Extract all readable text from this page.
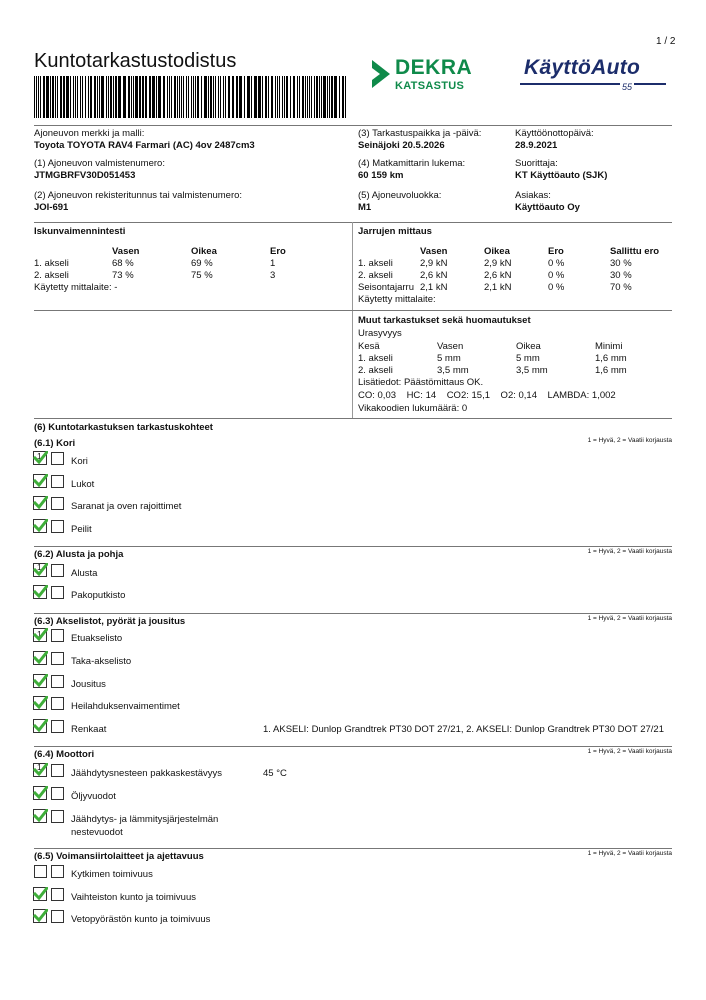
1 / 2
Kuntotarkastustodistus	DEKRA
KATSASTUS
KäyttöAuto
55
Ajoneuvon merkki ja malli:
Toyota TOYOTA RAV4 Farmari (AC) 4ov 2487cm3
(1) Ajoneuvon valmistenumero:
JTMGBRFV30D051453
(2) Ajoneuvon rekisteritunnus tai valmistenumero:
JOI-691
(3) Tarkastuspaikka ja -päivä:
Seinäjoki 20.5.2026
(4) Matkamittarin lukema:
60 159 km
(5) Ajoneuvoluokka:
M1
Käyttöönottopäivä:
28.9.2021
Suorittaja:
KT Käyttöauto (SJK)
Asiakas:
Käyttöauto Oy
Iskunvaimennintesti
	Vasen	Oikea	Ero
1. akseli	68 %	69 %	1
2. akseli	73 %	75 %	3
Käytetty mittalaite: -			
Jarrujen mittaus
	Vasen	Oikea	Ero	Sallittu ero
1. akseli	2,9 kN	2,9 kN	0 %	30 %
2. akseli	2,6 kN	2,6 kN	0 %	30 %
Seisontajarru	2,1 kN	2,1 kN	0 %	70 %
Käytetty mittalaite:				
Muut tarkastukset sekä huomautukset
Urasyvyys
Kesä	Vasen	Oikea	Minimi
1. akseli	5 mm	5 mm	1,6 mm
2. akseli	3,5 mm	3,5 mm	1,6 mm
Lisätiedot: Päästömittaus OK.
CO: 0,03    HC: 14    CO2: 15,1    O2: 0,14    LAMBDA: 1,002
Vikakoodien lukumäärä: 0
(6) Kuntotarkastuksen tarkastuskohteet
(6.1) Kori	1 = Hyvä, 2 = Vaatii korjausta
1	Kori
Lukot
Saranat ja oven rajoittimet
Peilit
(6.2) Alusta ja pohja	1 = Hyvä, 2 = Vaatii korjausta
1
Alusta
Pakoputkisto
(6.3) Akselistot, pyörät ja jousitus	1 = Hyvä, 2 = Vaatii korjausta
1	Etuakselisto
Taka-akselisto
Jousitus
Heilahduksenvaimentimet
Renkaat	1. AKSELI: Dunlop Grandtrek PT30 DOT 27/21, 2. AKSELI: Dunlop Grandtrek PT30 DOT 27/21
(6.4) Moottori	1 = Hyvä, 2 = Vaatii korjausta
1
Jäähdytysnesteen pakkaskestävyys	45 °C
Öljyvuodot
Jäähdytys- ja lämmitysjärjestelmän
nestevuodot
(6.5) Voimansiirtolaitteet ja ajettavuus	1 = Hyvä, 2 = Vaatii korjausta
Kytkimen toimivuus
Vaihteiston kunto ja toimivuus
Vetopyörästön kunto ja toimivuus
